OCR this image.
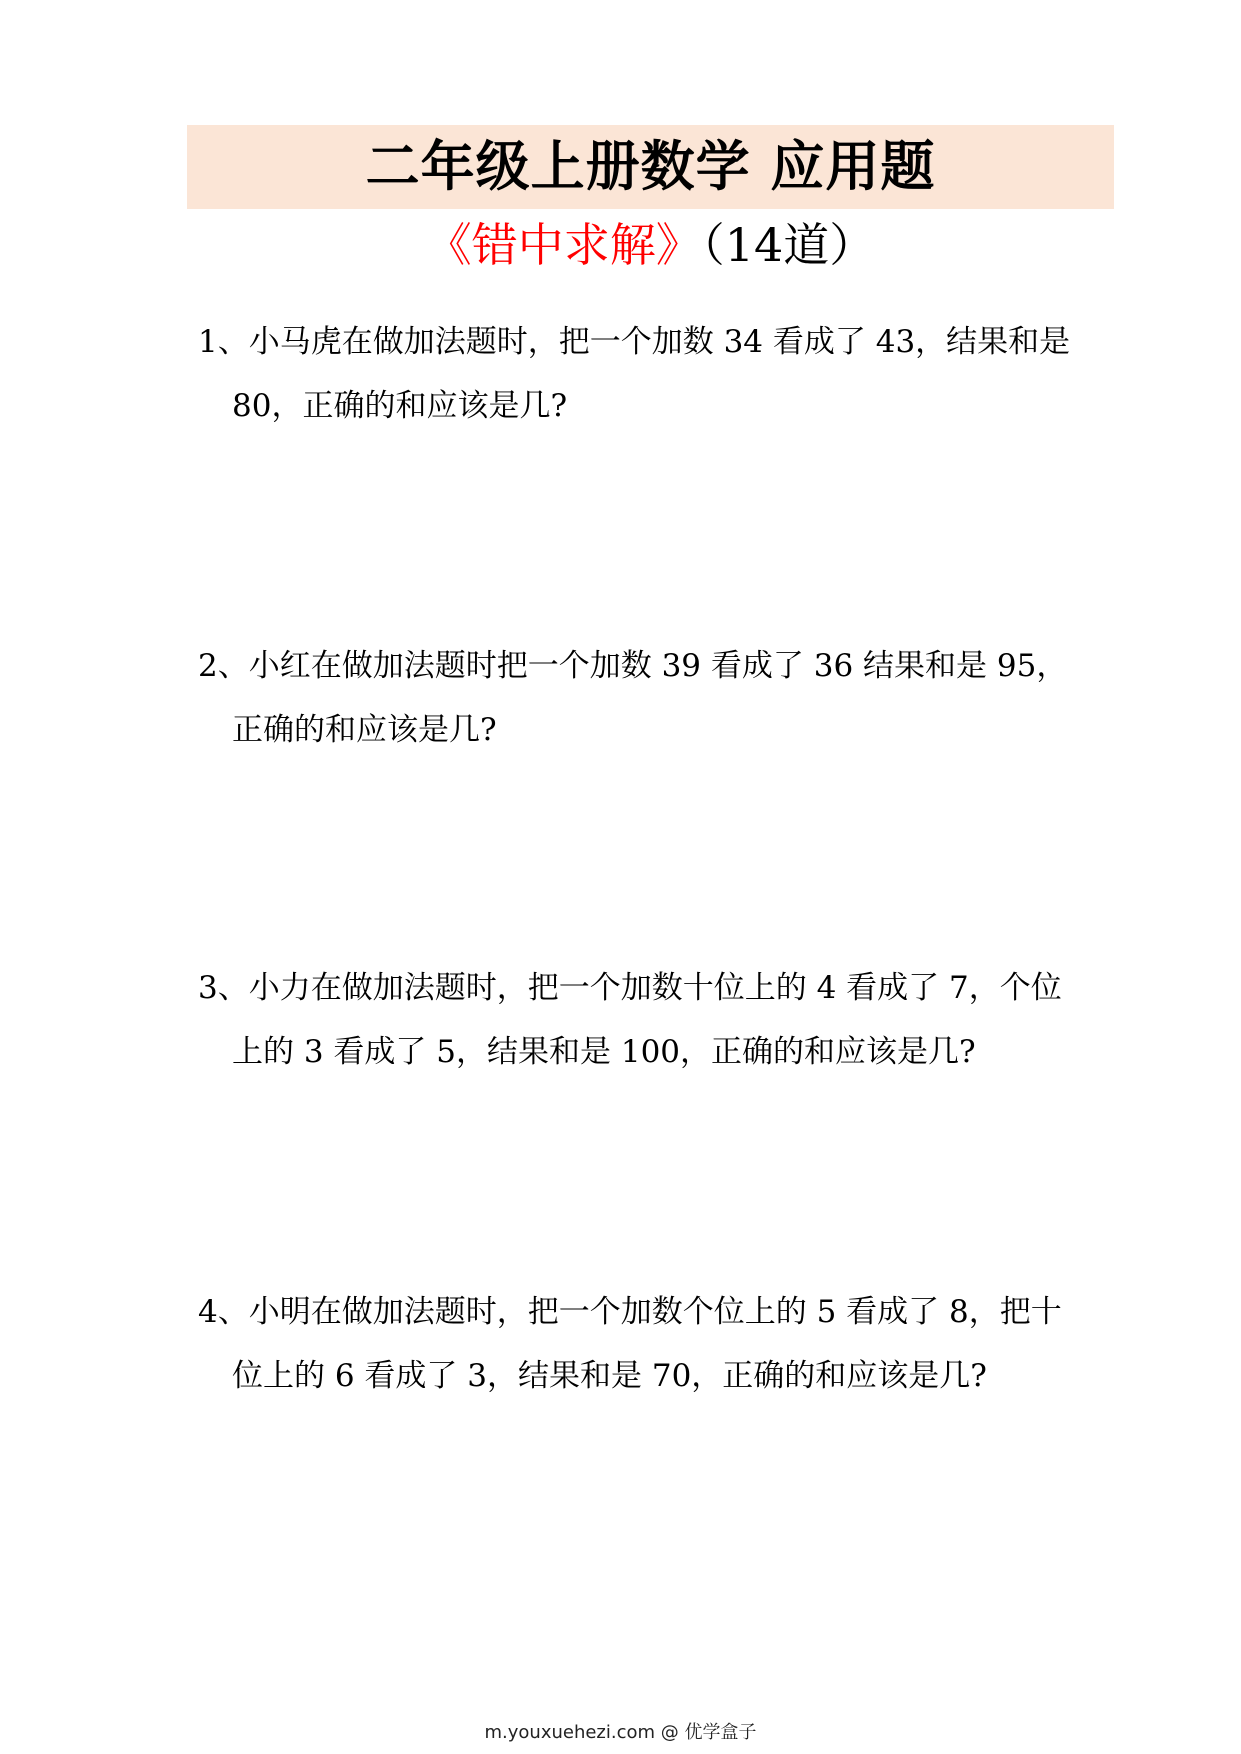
二年级上册数学 应用题
《错中求解》（14道）
1、小马虎在做加法题时，把一个加数 34 看成了 43，结果和是
80，正确的和应该是几?
2、小红在做加法题时把一个加数 39 看成了 36 结果和是 95，
正确的和应该是几?
3、小力在做加法题时，把一个加数十位上的 4 看成了 7，个位
上的 3 看成了 5，结果和是 100，正确的和应该是几?
4、小明在做加法题时，把一个加数个位上的 5 看成了 8，把十
位上的 6 看成了 3，结果和是 70，正确的和应该是几?
m.youxuehezi.com @ 优学盒子
